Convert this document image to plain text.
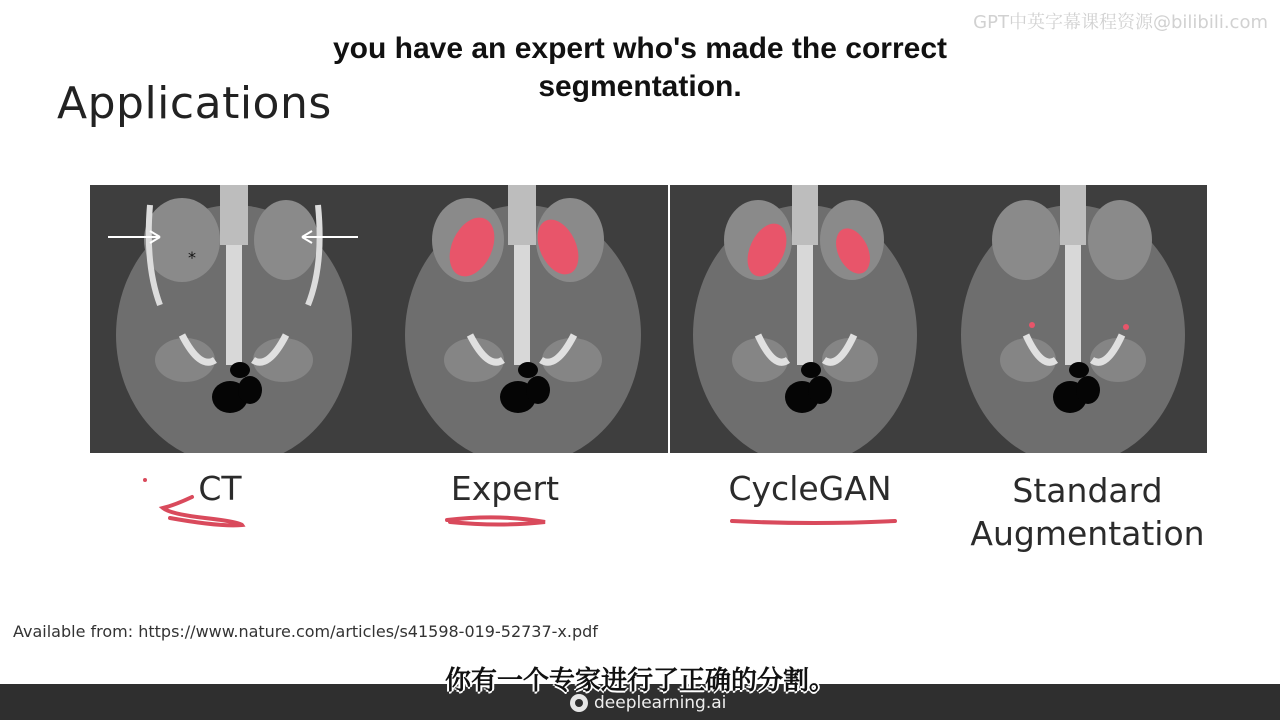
Applications
*
CT	Expert	CycleGAN	Standard
Augmentation
Available from: https://www.nature.com/articles/s41598-019-52737-x.pdf
GPT中英字幕课程资源@bilibili.com
you have an expert who's made the correct segmentation.
deeplearning.ai
你有一个专家进行了正确的分割。
